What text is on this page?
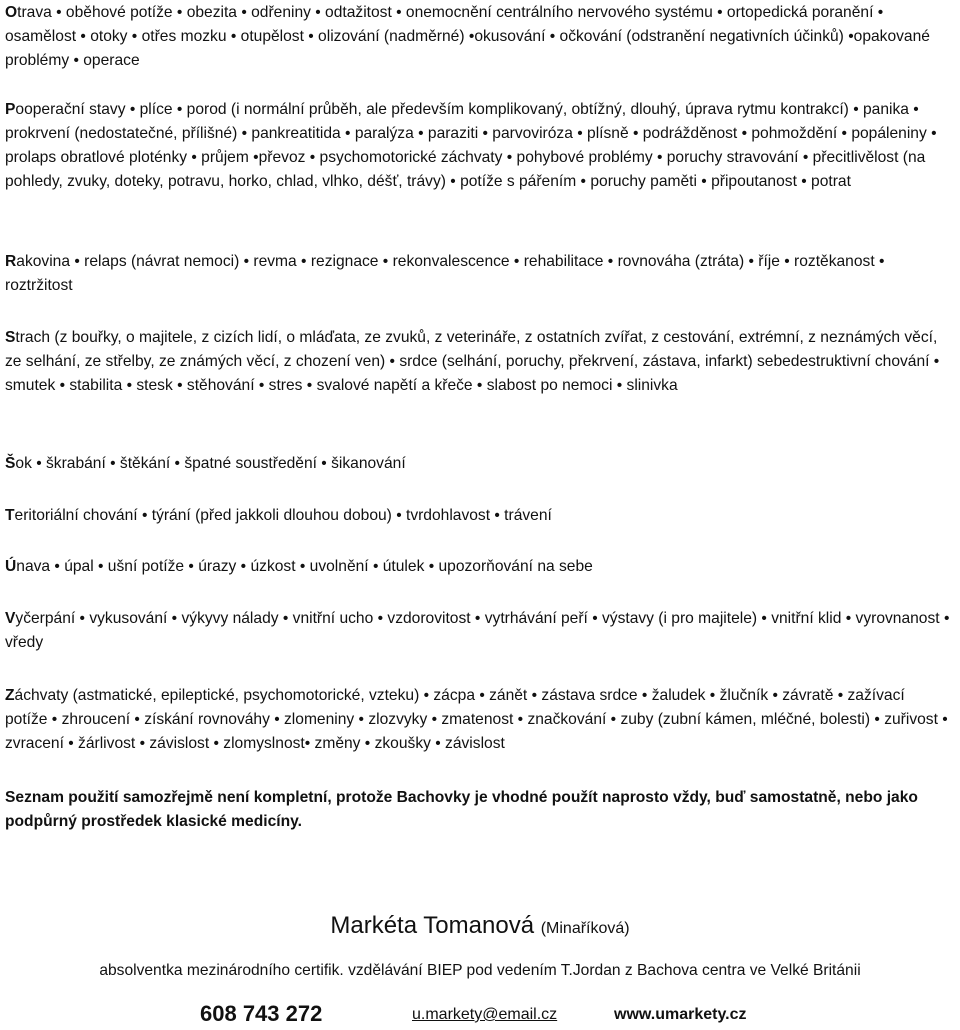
Otrava • oběhové potíže • obezita • odřeniny • odtažitost • onemocnění centrálního nervového systému • ortopedická poranění • osamělost • otoky • otřes mozku • otupělost • olizování (nadměrné) •okusování • očkování (odstranění negativních účinků) •opakované problémy • operace

Pooperační stavy • plíce • porod (i normální průběh, ale především komplikovaný, obtížný, dlouhý, úprava rytmu kontrakcí) • panika • prokrvení (nedostatečné, přílišné) • pankreatitida • paralýza • paraziti • parvoviróza • plísně • podrážděnost • pohmoždění • popáleniny • prolaps obratlové ploténky • průjem •převoz • psychomotorické záchvaty • pohybové problémy • poruchy stravování • přecitlivělost (na pohledy, zvuky, doteky, potravu, horko, chlad, vlhko, déšť, trávy) • potíže s pářením • poruchy paměti • připoutanost • potrat

Rakovina • relaps (návrat nemoci) • revma • rezignace • rekonvalescence • rehabilitace • rovnováha (ztráta) • říje • roztěkanost • roztržitost

Strach (z bouřky, o majitele, z cizích lidí, o mláďata, ze zvuků, z veterináře, z ostatních zvířat, z cestování, extrémní, z neznámých věcí, ze selhání, ze střelby, ze známých věcí, z chození ven) • srdce (selhání, poruchy, překrvení, zástava, infarkt) sebedestruktivní chování • smutek • stabilita • stesk • stěhování • stres • svalové napětí a křeče • slabost po nemoci • slinivka

Šok • škrabání • štěkání • špatné soustředění • šikanování

Teritoriální chování • týrání (před jakkoli dlouhou dobou) • tvrdohlavost • trávení

Únava • úpal • ušní potíže • úrazy • úzkost • uvolnění • útulek • upozorňování na sebe

Vyčerpání • vykusování • výkyvy nálady • vnitřní ucho • vzdorovitost • vytrhávání peří • výstavy (i pro majitele) • vnitřní klid • vyrovnanost • vředy

Záchvaty (astmatické, epileptické, psychomotorické, vzteku) • zácpa • zánět • zástava srdce • žaludek • žlučník • závratě • zažívací potíže • zhroucení • získání rovnováhy • zlomeniny • zlozvyky • zmatenost • značkování • zuby (zubní kámen, mléčné, bolesti) • zuřivost • zvracení • žárlivost • závislost • zlomyslnost• změny • zkoušky • závislost

Seznam použití samozřejmě není kompletní, protože Bachovky je vhodné použít naprosto vždy, buď samostatně, nebo jako podpůrný prostředek klasické medicíny.

Markéta Tomanová (Minaříková)
absolventka mezinárodního certifik. vzdělávání BIEP pod vedením T.Jordan z Bachova centra ve Velké Británii
608 743 272	u.markety@email.cz	www.umarkety.cz
